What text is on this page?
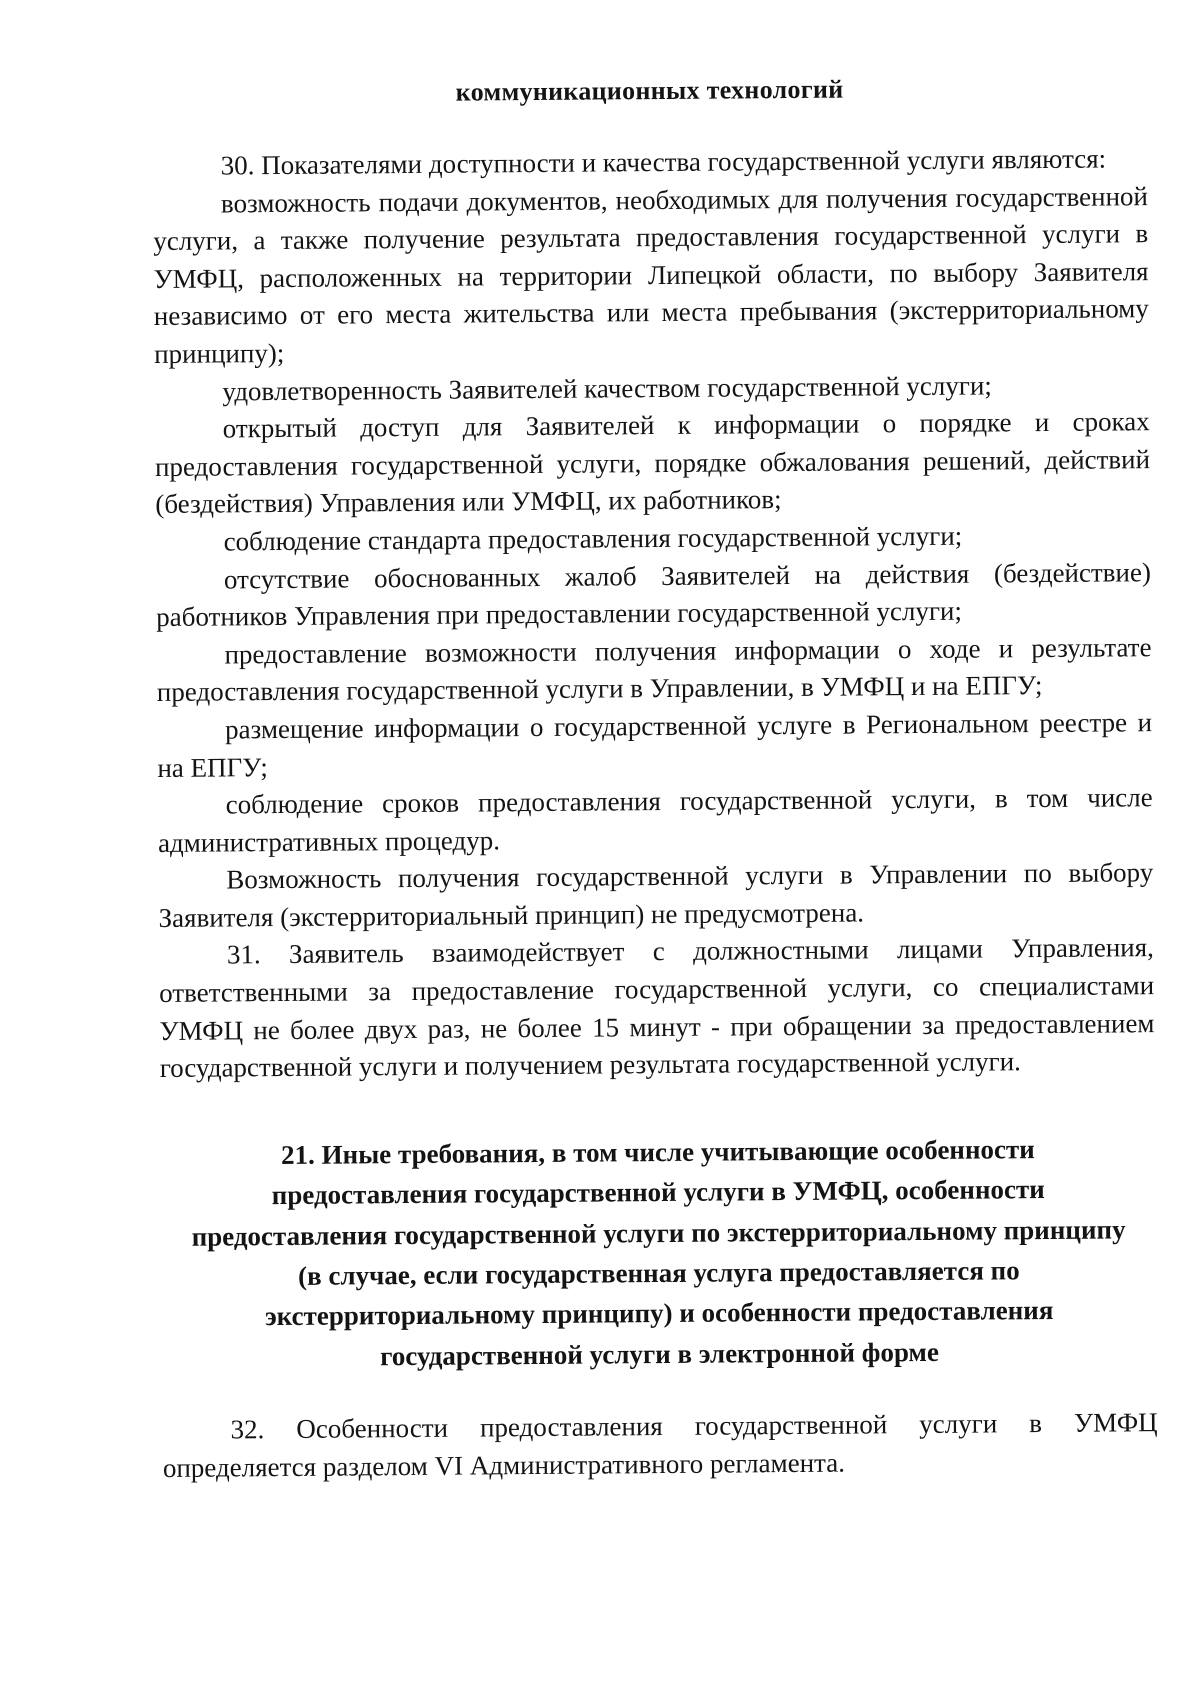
коммуникационных технологий

30. Показателями доступности и качества государственной услуги являются:

возможность подачи документов, необходимых для получения государственной услуги, а также получение результата предоставления государственной услуги в УМФЦ, расположенных на территории Липецкой области, по выбору Заявителя независимо от его места жительства или места пребывания (экстерриториальному принципу);

удовлетворенность Заявителей качеством государственной услуги;

открытый доступ для Заявителей к информации о порядке и сроках предоставления государственной услуги, порядке обжалования решений, действий (бездействия) Управления или УМФЦ, их работников;

соблюдение стандарта предоставления государственной услуги;

отсутствие обоснованных жалоб Заявителей на действия (бездействие) работников Управления при предоставлении государственной услуги;

предоставление возможности получения информации о ходе и результате предоставления государственной услуги в Управлении, в УМФЦ и на ЕПГУ;

размещение информации о государственной услуге в Региональном реестре и на ЕПГУ;

соблюдение сроков предоставления государственной услуги, в том числе административных процедур.

Возможность получения государственной услуги в Управлении по выбору Заявителя (экстерриториальный принцип) не предусмотрена.

31. Заявитель взаимодействует с должностными лицами Управления, ответственными за предоставление государственной услуги, со специалистами УМФЦ не более двух раз, не более 15 минут - при обращении за предоставлением государственной услуги и получением результата государственной услуги.

21. Иные требования, в том числе учитывающие особенности
предоставления государственной услуги в УМФЦ, особенности
предоставления государственной услуги по экстерриториальному принципу
(в случае, если государственная услуга предоставляется по
экстерриториальному принципу) и особенности предоставления
государственной услуги в электронной форме

32. Особенности предоставления государственной услуги в УМФЦ определяется разделом VI Административного регламента.
